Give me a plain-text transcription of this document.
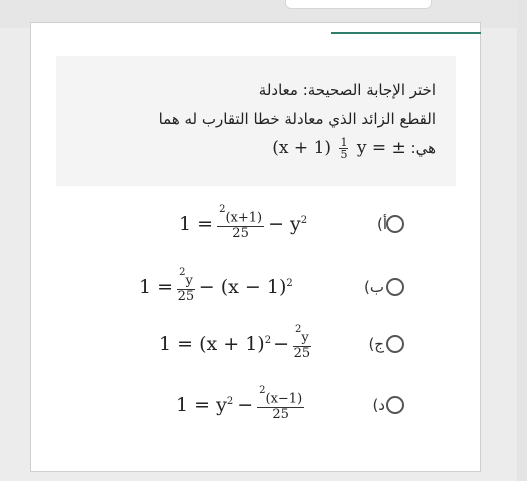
اختر الإجابة الصحيحة: معادلة
القطع الزائد الذي معادلة خطا التقارب له هما
هي: $(x + 1) \frac{1}{5}$ y = ±
أ)
$1 = \frac{^2(x+1)}{25} - y$ 2
ب)
$1 = \frac{^2y}{25} - (x - 1)$ 2
ج)
1 = (x + 1) $2 - \frac{^2y}{25}$
د)
1 = y $2 - \frac{^2(x-1)}{25}$
